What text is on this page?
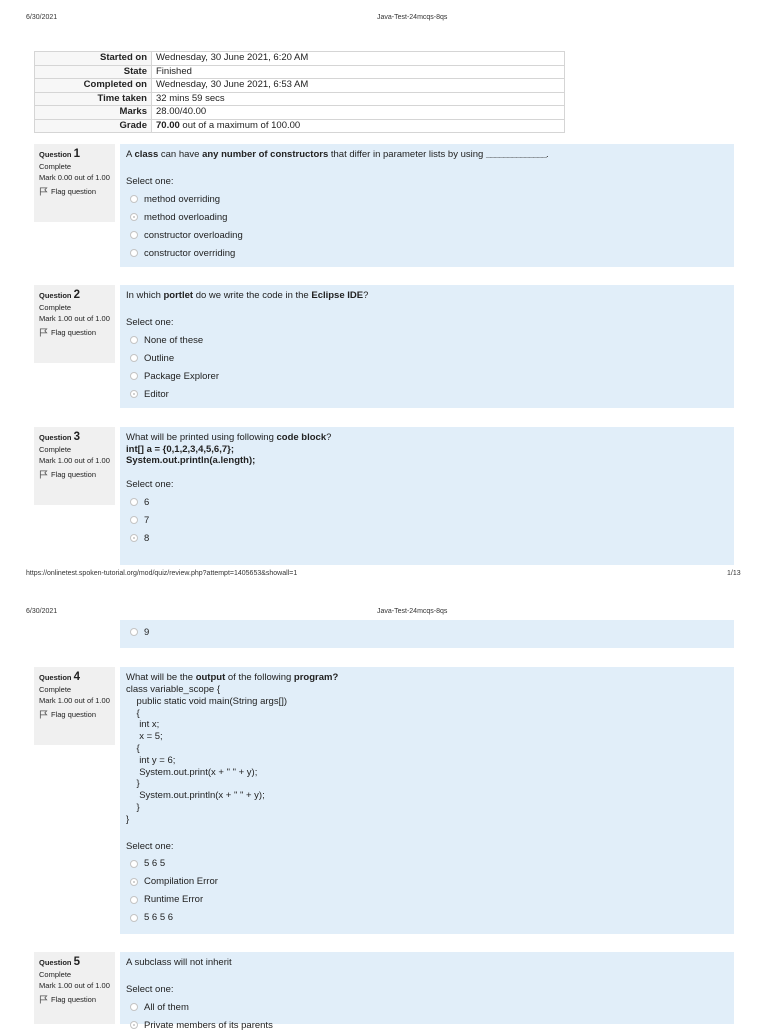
6/30/2021	Java-Test-24mcqs-8qs
Started on	Wednesday, 30 June 2021, 6:20 AM
State	Finished
Completed on	Wednesday, 30 June 2021, 6:53 AM
Time taken	32 mins 59 secs
Marks	28.00/40.00
Grade	70.00 out of a maximum of 100.00
Question 1
Complete
Mark 0.00 out of 1.00
Flag question
A class can have any number of constructors that differ in parameter lists by using ______________.
Select one:
method overriding
method overloading
constructor overloading
constructor overriding
Question 2
Complete
Mark 1.00 out of 1.00
Flag question
In which portlet do we write the code in the Eclipse IDE?
Select one:
None of these
Outline
Package Explorer
Editor
Question 3
Complete
Mark 1.00 out of 1.00
Flag question
What will be printed using following code block?
int[] a = {0,1,2,3,4,5,6,7};
System.out.println(a.length);
Select one:
6
7
8
https://onlinetest.spoken-tutorial.org/mod/quiz/review.php?attempt=1405653&showall=1	1/13
6/30/2021	Java-Test-24mcqs-8qs
9
Question 4
Complete
Mark 1.00 out of 1.00
Flag question
What will be the output of the following program?
class variable_scope {
public static void main(String args[])
{
int x;
x = 5;
{
int y = 6;
System.out.print(x + " " + y);
}
System.out.println(x + " " + y);
}
}
Select one:
5 6 5
Compilation Error
Runtime Error
5 6 5 6
Question 5
Complete
Mark 1.00 out of 1.00
Flag question
A subclass will not inherit
Select one:
All of them
Private members of its parents
